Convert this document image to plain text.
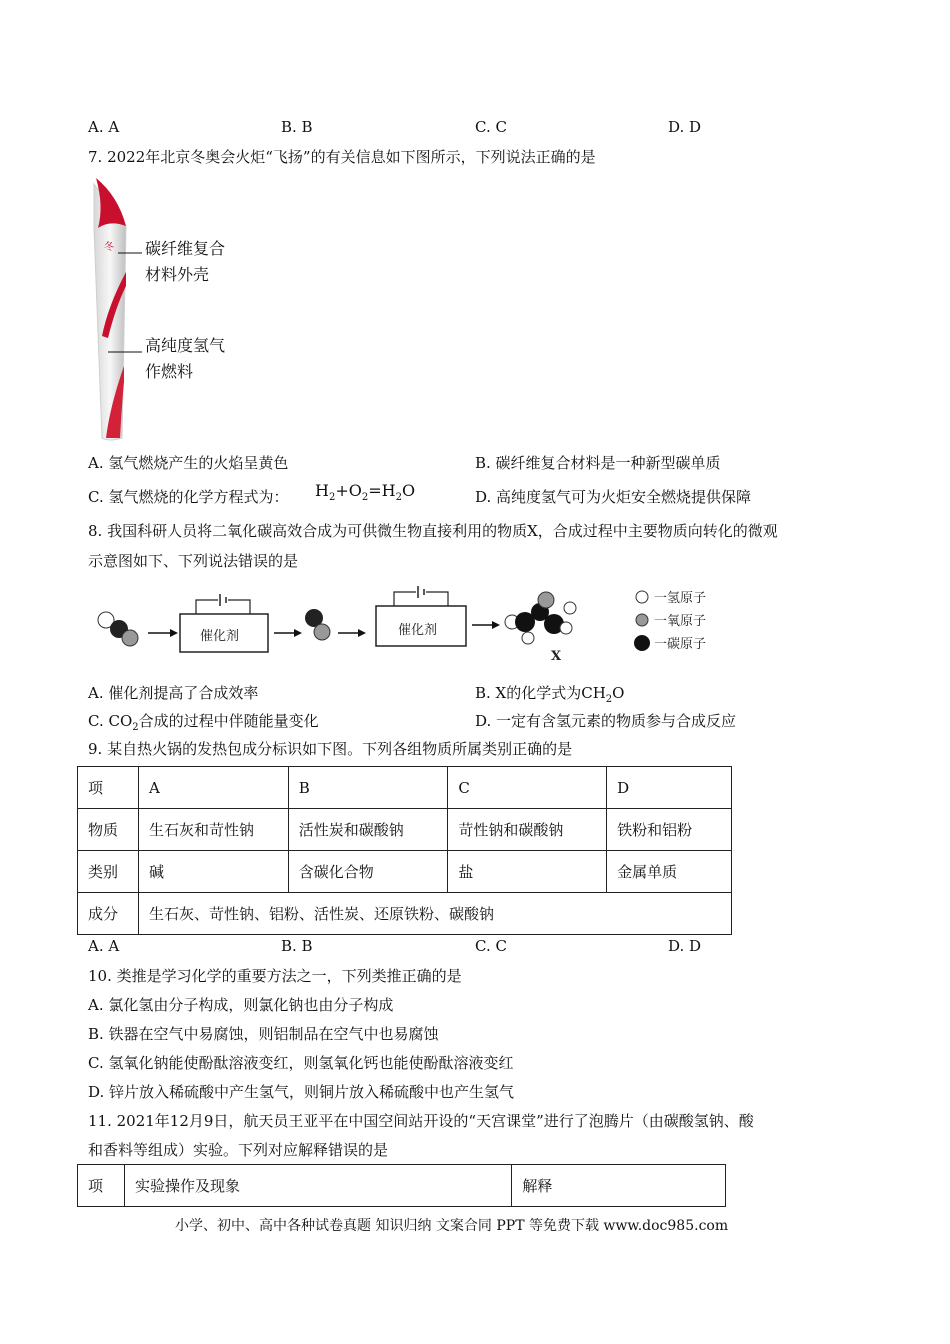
A. A	B. B	C. C	D. D
7. 2022年北京冬奥会火炬“飞扬”的有关信息如下图所示，下列说法正确的是
冬 碳纤维复合
材料外壳
高纯度氢气
作燃料
A. 氢气燃烧产生的火焰呈黄色	B. 碳纤维复合材料是一种新型碳单质
C. 氢气燃烧的化学方程式为： $H_2+O_2=H_2O$	D. 高纯度氢气可为火炬安全燃烧提供保障
8. 我国科研人员将二氧化碳高效合成为可供微生物直接利用的物质X，合成过程中主要物质向转化的微观
示意图如下、下列说法错误的是
催化剂	催化剂
X
一氢原子
一氧原子
一碳原子
A. 催化剂提高了合成效率	B. X的化学式为$CH_2O$
C. $CO_2$合成的过程中伴随能量变化	D. 一定有含氢元素的物质参与合成反应
9. 某自热火锅的发热包成分标识如下图。下列各组物质所属类别正确的是
项	A	B	C	D
物质	生石灰和苛性钠	活性炭和碳酸钠	苛性钠和碳酸钠	铁粉和铝粉
类别	碱	含碳化合物	盐	金属单质
成分	生石灰、苛性钠、铝粉、活性炭、还原铁粉、碳酸钠			
A. A	B. B	C. C	D. D
10. 类推是学习化学的重要方法之一，下列类推正确的是
A. 氯化氢由分子构成，则氯化钠也由分子构成
B. 铁器在空气中易腐蚀，则铝制品在空气中也易腐蚀
C. 氢氧化钠能使酚酞溶液变红，则氢氧化钙也能使酚酞溶液变红
D. 锌片放入稀硫酸中产生氢气，则铜片放入稀硫酸中也产生氢气
11. 2021年12月9日，航天员王亚平在中国空间站开设的“天宫课堂”进行了泡腾片（由碳酸氢钠、酸
和香料等组成）实验。下列对应解释错误的是
项	实验操作及现象	解释
小学、初中、高中各种试卷真题 知识归纳 文案合同 PPT 等免费下载 www.doc985.com
